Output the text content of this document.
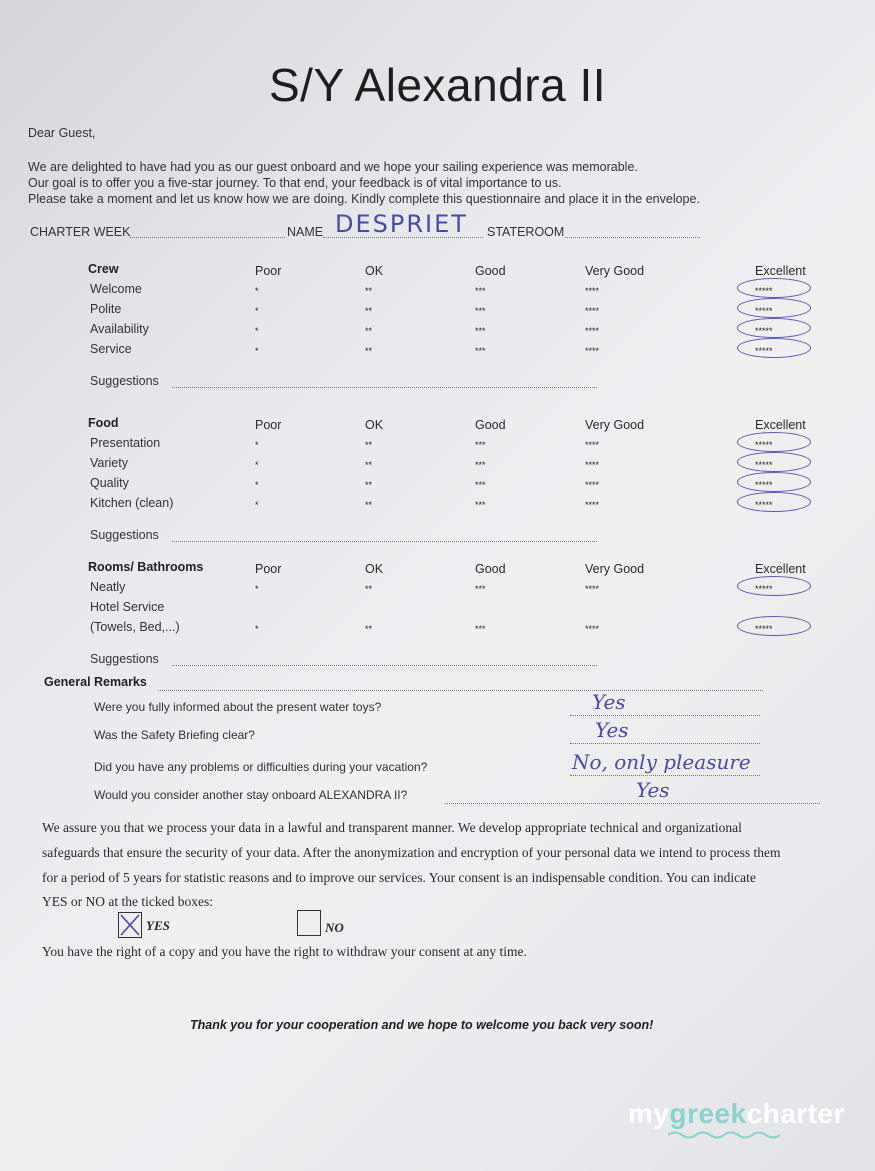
S/Y Alexandra II
Dear Guest,
We are delighted to have had you as our guest onboard and we hope your sailing experience was memorable.
Our goal is to offer you a five-star journey. To that end, your feedback is of vital importance to us.
Please take a moment and let us know how we are doing. Kindly complete this questionnaire and place it in the envelope.
CHARTER WEEK	NAME DESPRIET STATEROOM
Crew	Poor	OK	Good	Very Good	Excellent
Welcome	*	**	***	****	*****
Polite	*	**	***	****	*****
Availability	*	**	***	****	*****
Service	*	**	***	****	*****
Suggestions
Food	Poor	OK	Good	Very Good	Excellent
Presentation	*	**	***	****	*****
Variety	*	**	***	****	*****
Quality	*	**	***	****	*****
Kitchen (clean)	*	**	***	****	*****
Suggestions
Rooms/ Bathrooms	Poor	OK	Good	Very Good	Excellent
Neatly	*	**	***	****	*****
Hotel Service
(Towels, Bed,...)	*	**	***	****	*****
Suggestions
General Remarks
Were you fully informed about the present water toys?	Yes
Was the Safety Briefing clear?	Yes
Did you have any problems or difficulties during your vacation?	No, only pleasure
Would you consider another stay onboard ALEXANDRA II?	Yes
We assure you that we process your data in a lawful and transparent manner. We develop appropriate technical and organizational
safeguards that ensure the security of your data. After the anonymization and encryption of your personal data we intend to process them
for a period of 5 years for statistic reasons and to improve our services. Your consent is an indispensable condition. You can indicate
YES or NO at the ticked boxes:
YES	NO
You have the right of a copy and you have the right to withdraw your consent at any time.
Thank you for your cooperation and we hope to welcome you back very soon!
mygreekcharter
